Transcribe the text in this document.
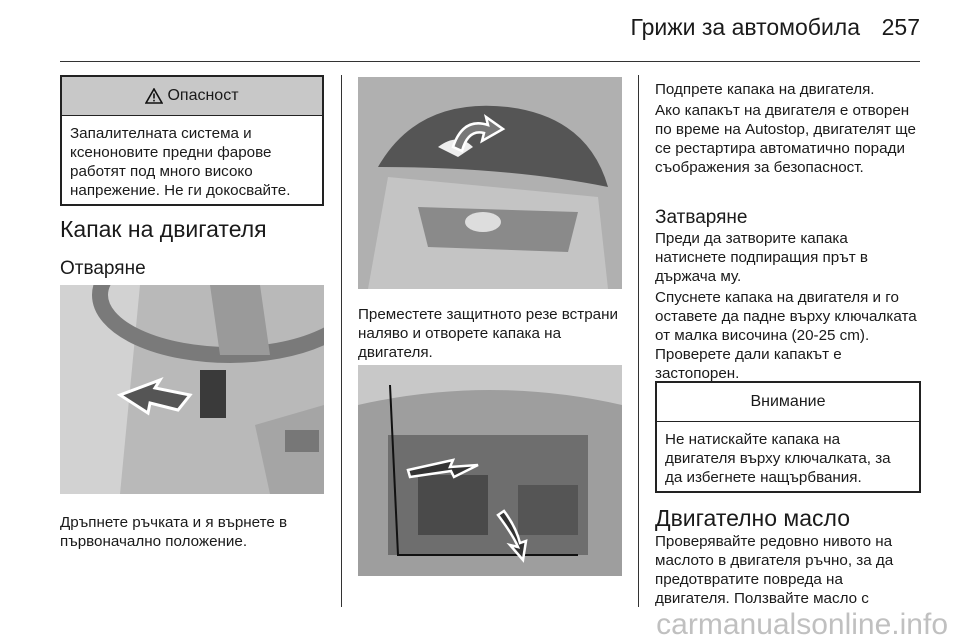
Грижи за автомобила 257
Опасност
Запалителната система и ксеноновите предни фарове работят под много високо напрежение. Не ги докосвайте.
Капак на двигателя
Отваряне
Дръпнете ръчката и я върнете в първоначално положение.
Преместете защитното резе встрани наляво и отворете капака на двигателя.
Подпрете капака на двигателя.
Ако капакът на двигателя е отворен по време на Autostop, двигателят ще се рестартира автоматично поради съображения за безопасност.
Затваряне
Преди да затворите капака натиснете подпиращия прът в държача му.
Спуснете капака на двигателя и го оставете да падне върху ключалката от малка височина (20-25 cm). Проверете дали капакът е застопорен.
Внимание
Не натискайте капака на двигателя върху ключалката, за да избегнете нащърбвания.
Двигателно масло
Проверявайте редовно нивото на маслото в двигателя ръчно, за да предотвратите повреда на двигателя. Ползвайте масло с
carmanualsonline.info
